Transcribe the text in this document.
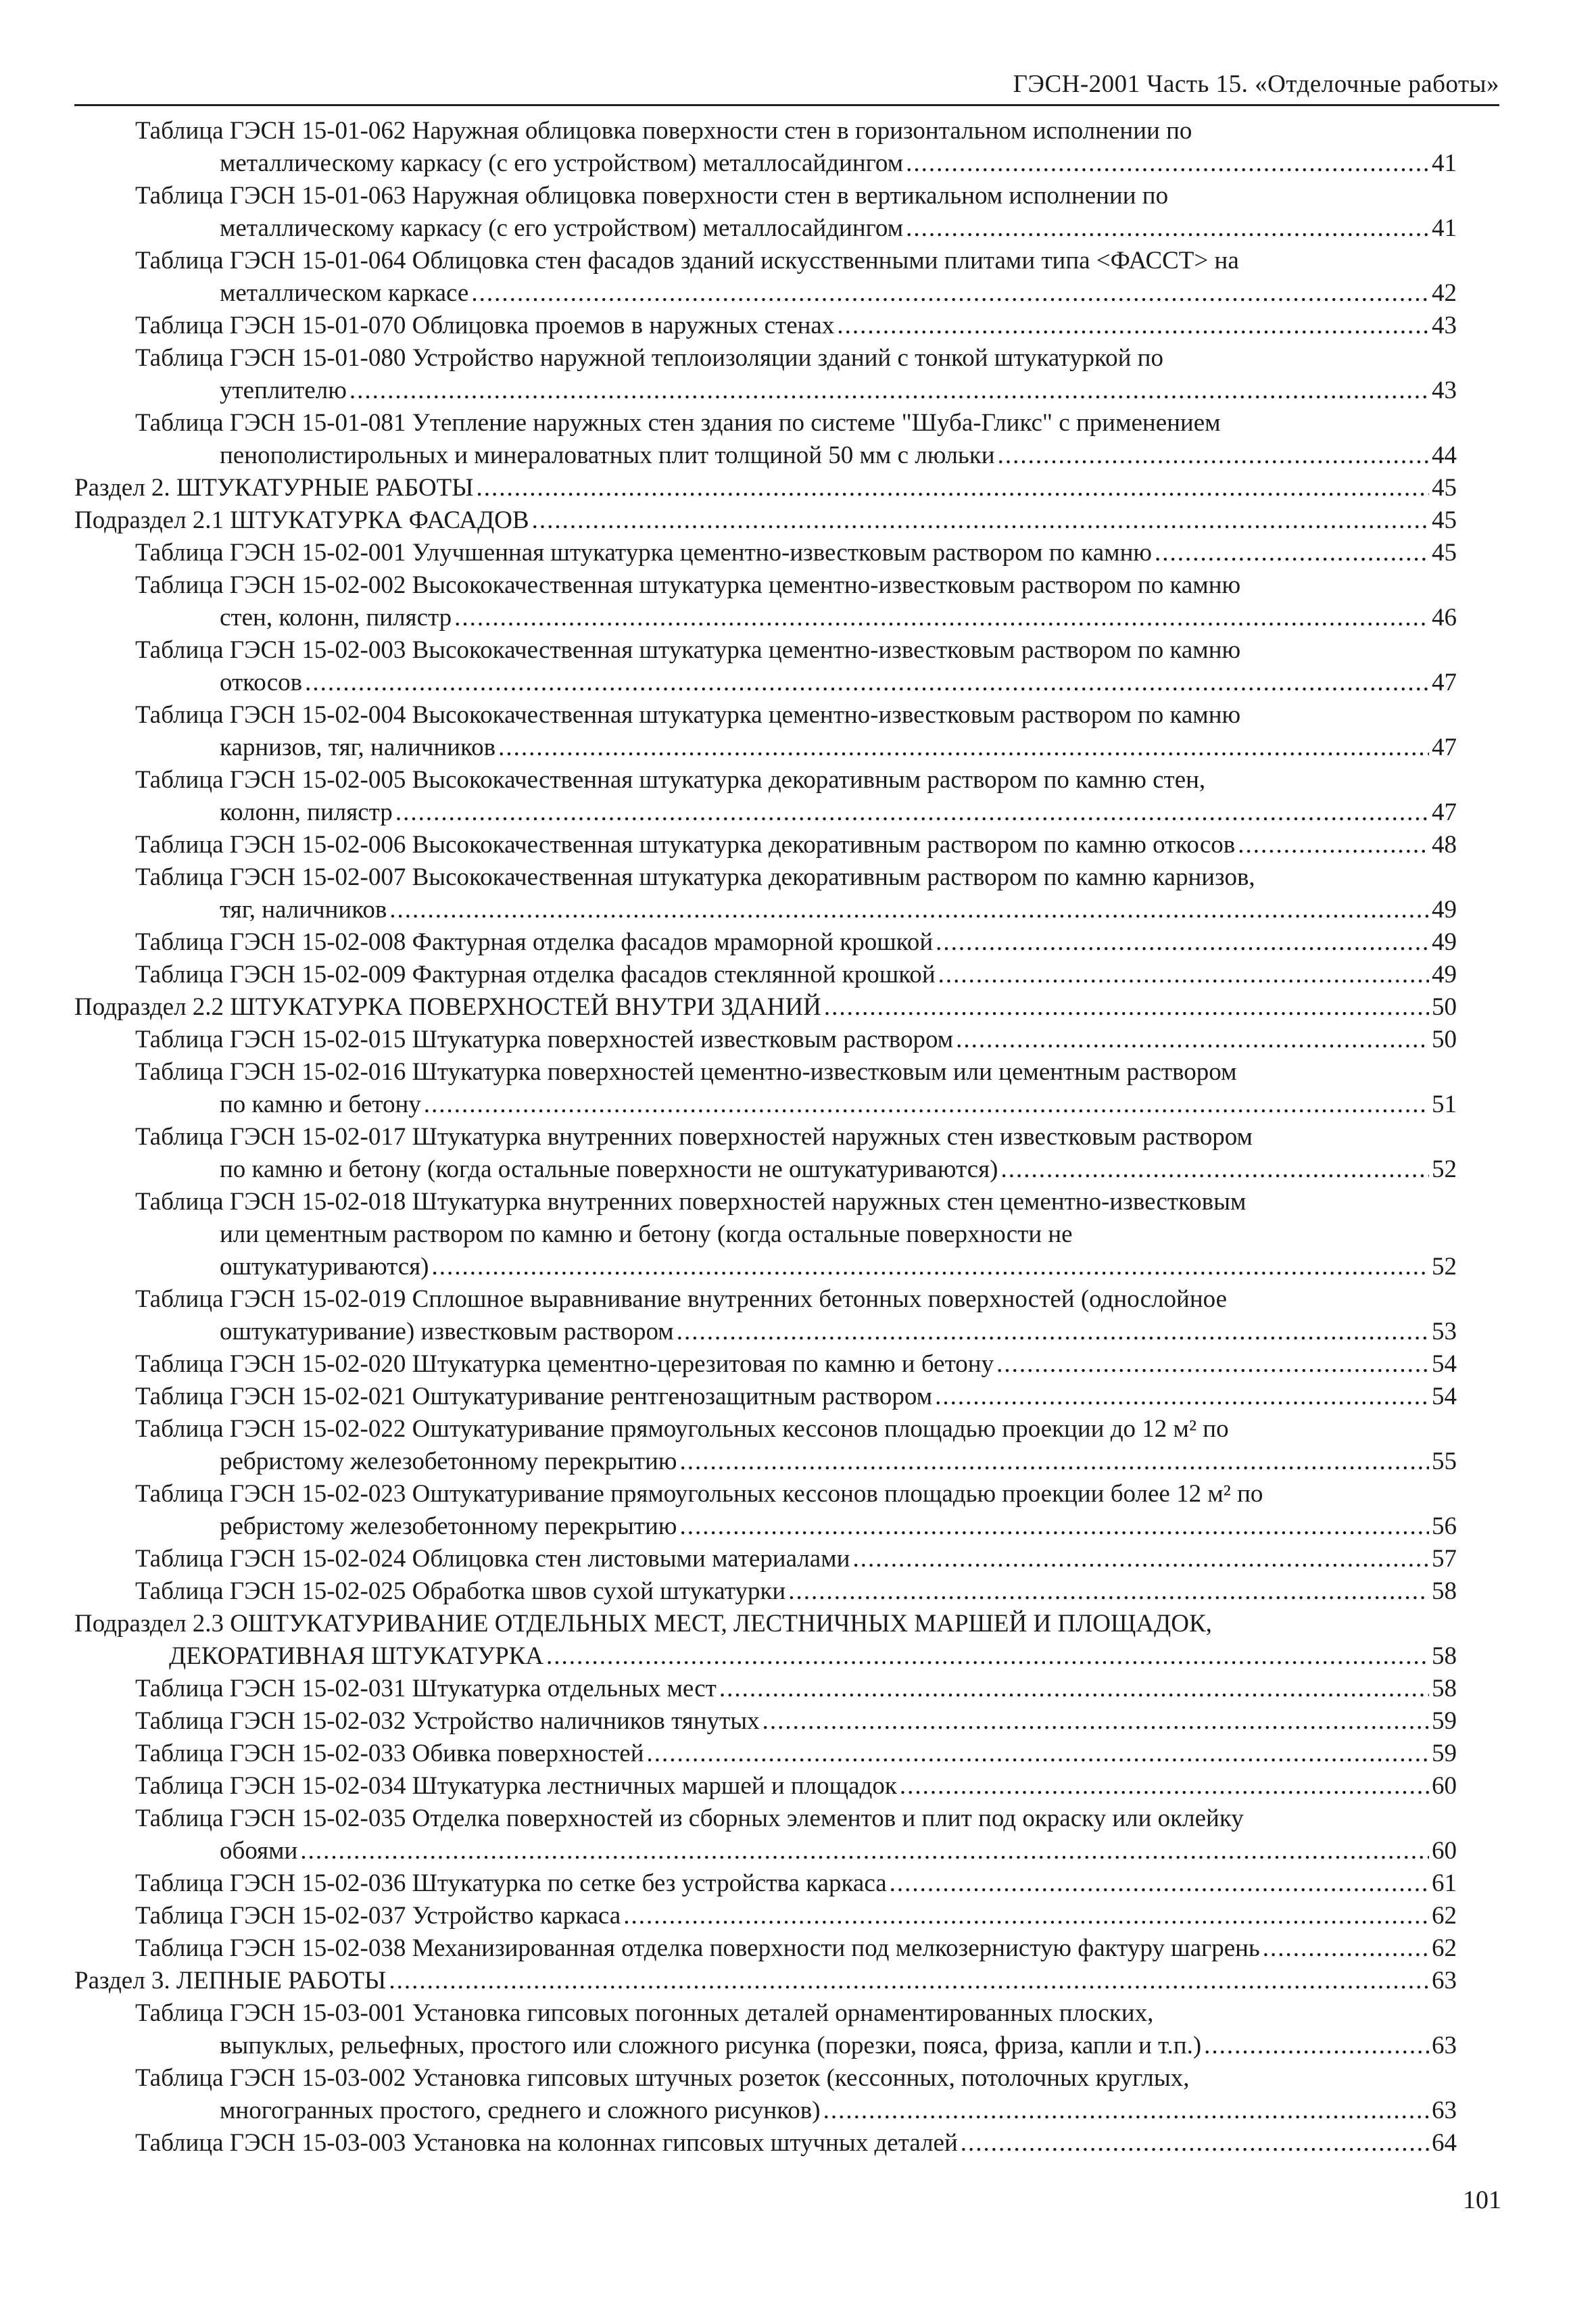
ГЭСН-2001 Часть 15. «Отделочные работы»
Таблица ГЭСН 15-01-062 Наружная облицовка поверхности стен в горизонтальном исполнении по
металлическому каркасу (с его устройством) металлосайдингом .....	41
Таблица ГЭСН 15-01-063 Наружная облицовка поверхности стен в вертикальном исполнении по
металлическому каркасу (с его устройством) металлосайдингом .....	41
Таблица ГЭСН 15-01-064 Облицовка стен фасадов зданий искусственными плитами типа <ФАССТ> на
металлическом каркасе .....	42
Таблица ГЭСН 15-01-070 Облицовка проемов в наружных стенах .....	43
Таблица ГЭСН 15-01-080 Устройство наружной теплоизоляции зданий с тонкой штукатуркой по
утеплителю .....	43
Таблица ГЭСН 15-01-081 Утепление наружных стен здания по системе "Шуба-Гликс" с применением
пенополистирольных и минераловатных плит толщиной 50 мм с люльки .....	44
Раздел 2. ШТУКАТУРНЫЕ РАБОТЫ .....	45
Подраздел 2.1 ШТУКАТУРКА ФАСАДОВ .....	45
Таблица ГЭСН 15-02-001 Улучшенная штукатурка цементно-известковым раствором по камню .....	45
Таблица ГЭСН 15-02-002 Высококачественная штукатурка цементно-известковым раствором по камню
стен, колонн, пилястр .....	46
Таблица ГЭСН 15-02-003 Высококачественная штукатурка цементно-известковым раствором по камню
откосов .....	47
Таблица ГЭСН 15-02-004 Высококачественная штукатурка цементно-известковым раствором по камню
карнизов, тяг, наличников .....	47
Таблица ГЭСН 15-02-005 Высококачественная штукатурка декоративным раствором по камню стен,
колонн, пилястр .....	47
Таблица ГЭСН 15-02-006 Высококачественная штукатурка декоративным раствором по камню откосов .....	48
Таблица ГЭСН 15-02-007 Высококачественная штукатурка декоративным раствором по камню карнизов,
тяг, наличников .....	49
Таблица ГЭСН 15-02-008 Фактурная отделка фасадов мраморной крошкой .....	49
Таблица ГЭСН 15-02-009 Фактурная отделка фасадов стеклянной крошкой .....	49
Подраздел 2.2 ШТУКАТУРКА ПОВЕРХНОСТЕЙ ВНУТРИ ЗДАНИЙ .....	50
Таблица ГЭСН 15-02-015 Штукатурка поверхностей известковым раствором .....	50
Таблица ГЭСН 15-02-016 Штукатурка поверхностей цементно-известковым или цементным раствором
по камню и бетону .....	51
Таблица ГЭСН 15-02-017 Штукатурка внутренних поверхностей наружных стен известковым раствором
по камню и бетону (когда остальные поверхности не оштукатуриваются) .....	52
Таблица ГЭСН 15-02-018 Штукатурка внутренних поверхностей наружных стен цементно-известковым
или цементным раствором по камню и бетону (когда остальные поверхности не
оштукатуриваются) .....	52
Таблица ГЭСН 15-02-019 Сплошное выравнивание внутренних бетонных поверхностей (однослойное
оштукатуривание) известковым раствором .....	53
Таблица ГЭСН 15-02-020 Штукатурка цементно-церезитовая по камню и бетону .....	54
Таблица ГЭСН 15-02-021 Оштукатуривание рентгенозащитным раствором .....	54
Таблица ГЭСН 15-02-022 Оштукатуривание прямоугольных кессонов площадью проекции до 12 м² по
ребристому железобетонному перекрытию .....	55
Таблица ГЭСН 15-02-023 Оштукатуривание прямоугольных кессонов площадью проекции более 12 м² по
ребристому железобетонному перекрытию .....	56
Таблица ГЭСН 15-02-024 Облицовка стен листовыми материалами .....	57
Таблица ГЭСН 15-02-025 Обработка швов сухой штукатурки .....	58
Подраздел 2.3 ОШТУКАТУРИВАНИЕ ОТДЕЛЬНЫХ МЕСТ, ЛЕСТНИЧНЫХ МАРШЕЙ И ПЛОЩАДОК,
ДЕКОРАТИВНАЯ ШТУКАТУРКА .....	58
Таблица ГЭСН 15-02-031 Штукатурка отдельных мест .....	58
Таблица ГЭСН 15-02-032 Устройство наличников тянутых .....	59
Таблица ГЭСН 15-02-033 Обивка поверхностей .....	59
Таблица ГЭСН 15-02-034 Штукатурка лестничных маршей и площадок .....	60
Таблица ГЭСН 15-02-035 Отделка поверхностей из сборных элементов и плит под окраску или оклейку
обоями .....	60
Таблица ГЭСН 15-02-036 Штукатурка по сетке без устройства каркаса .....	61
Таблица ГЭСН 15-02-037 Устройство каркаса .....	62
Таблица ГЭСН 15-02-038 Механизированная отделка поверхности под мелкозернистую фактуру шагрень .....	62
Раздел 3. ЛЕПНЫЕ РАБОТЫ .....	63
Таблица ГЭСН 15-03-001 Установка гипсовых погонных деталей орнаментированных плоских,
выпуклых, рельефных, простого или сложного рисунка (порезки, пояса, фриза, капли и т.п.) .....	63
Таблица ГЭСН 15-03-002 Установка гипсовых штучных розеток (кессонных, потолочных круглых,
многогранных простого, среднего и сложного рисунков) .....	63
Таблица ГЭСН 15-03-003 Установка на колоннах гипсовых штучных деталей .....	64
101
